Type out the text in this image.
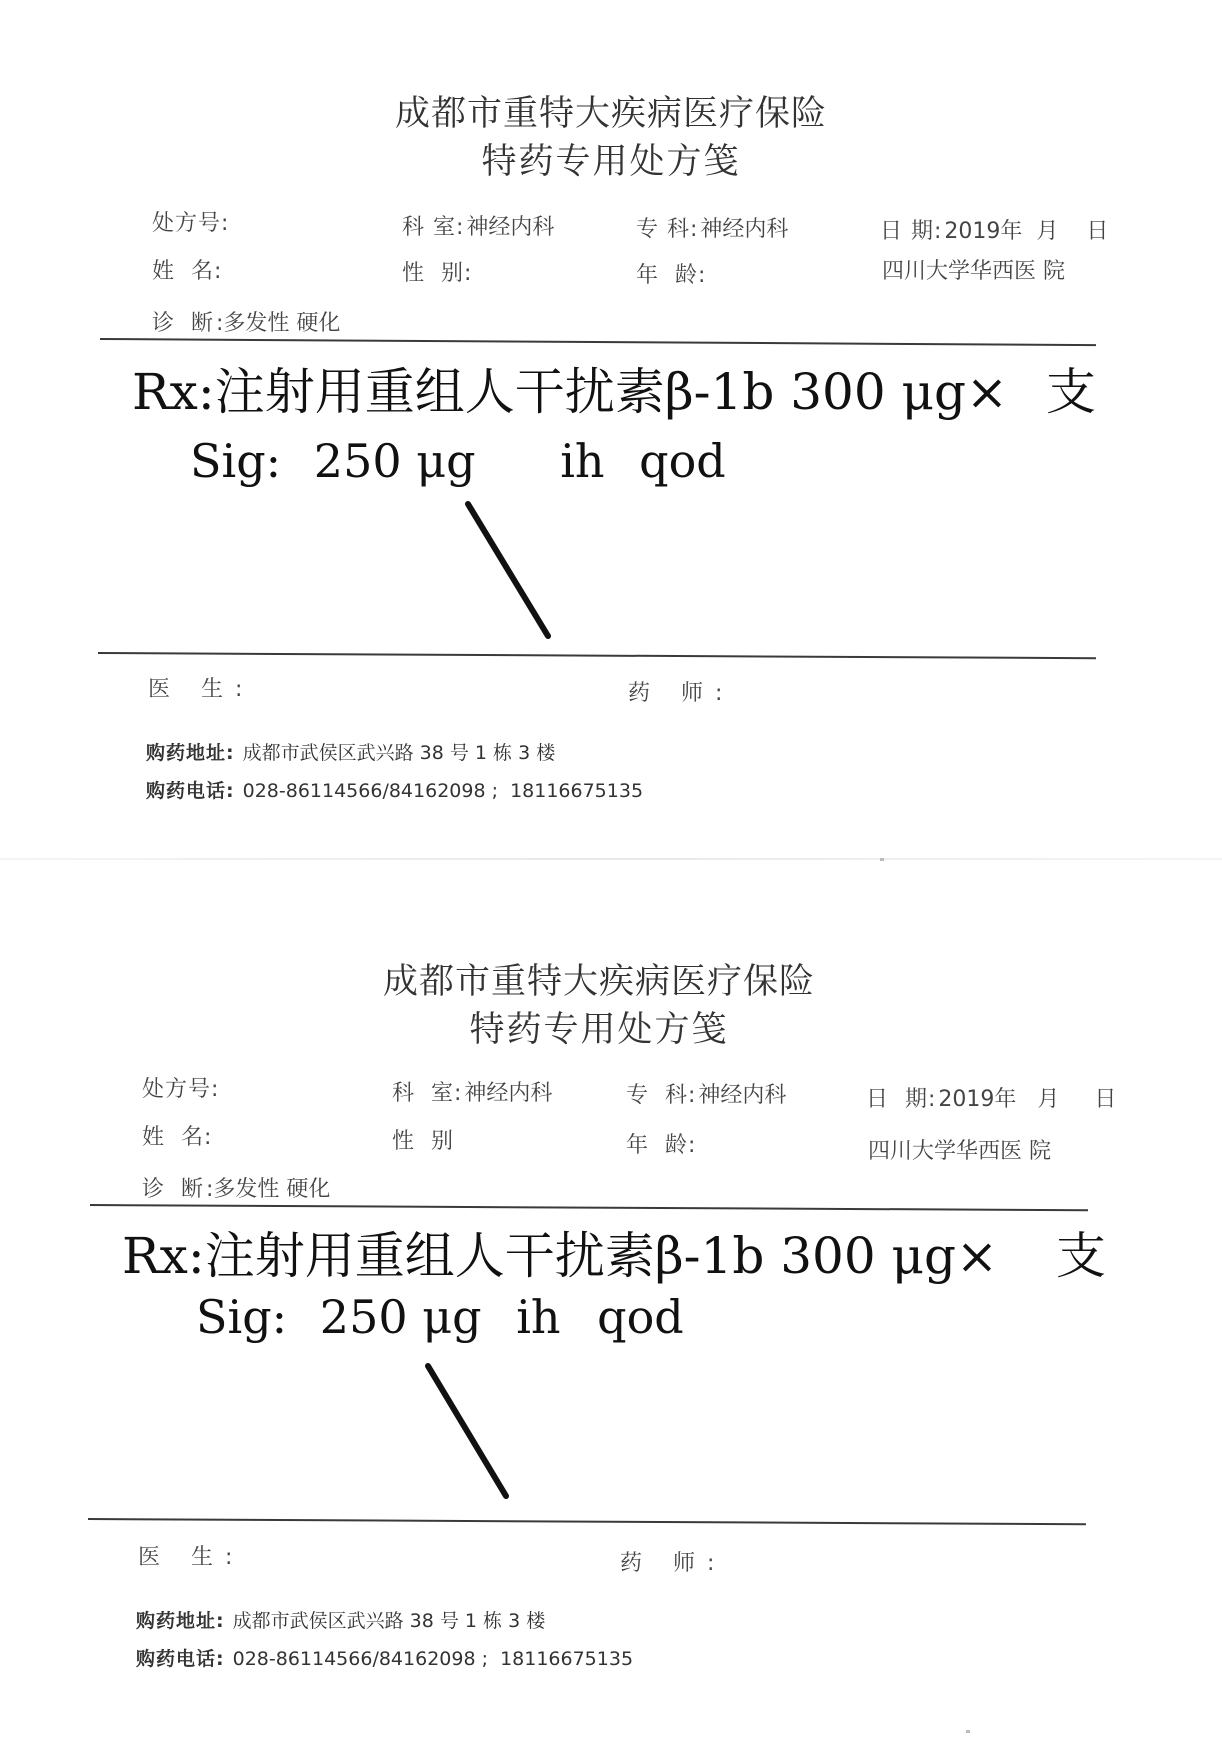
成都市重特大疾病医疗保险
特药专用处方笺
处方号:	科 室:神经内科	专 科:神经内科	日 期:2019年  月    日
姓  名:	性  别:	年  龄:	四川大学华西医 院
诊  断:多发性 硬化
Rx:注射用重组人干扰素β-1b 300 μg× 支
Sig: 250 μg ih qod
医 生:	药 师:
购药地址: 成都市武侯区武兴路 38 号 1 栋 3 楼
购药电话: 028-86114566/84162098 ;  18116675135
成都市重特大疾病医疗保险
特药专用处方笺
处方号:	科  室:神经内科	专  科:神经内科	日  期:2019年   月     日
姓  名:	性  别	年  龄:	四川大学华西医 院
诊  断:多发性 硬化
Rx:注射用重组人干扰素β-1b 300 μg× 支
Sig: 250 μg ih qod
医 生:	药 师:
购药地址: 成都市武侯区武兴路 38 号 1 栋 3 楼
购药电话: 028-86114566/84162098 ;  18116675135
